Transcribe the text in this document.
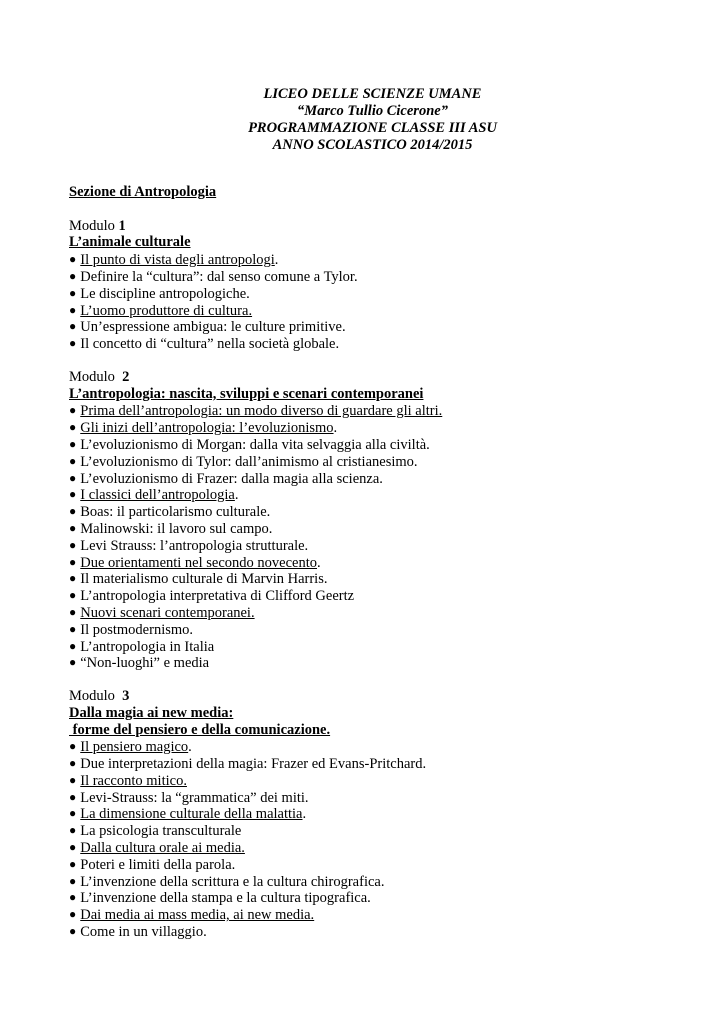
LICEO DELLE SCIENZE UMANE
“Marco Tullio Cicerone”
PROGRAMMAZIONE CLASSE III ASU
ANNO SCOLASTICO 2014/2015
Sezione di Antropologia
Modulo 1
L’animale culturale
● Il punto di vista degli antropologi.
● Definire la “cultura”: dal senso comune a Tylor.
● Le discipline antropologiche.
● L’uomo produttore di cultura.
● Un’espressione ambigua: le culture primitive.
● Il concetto di “cultura” nella società globale.
Modulo  2
L’antropologia: nascita, sviluppi e scenari contemporanei
● Prima dell’antropologia: un modo diverso di guardare gli altri.
● Gli inizi dell’antropologia: l’evoluzionismo.
● L’evoluzionismo di Morgan: dalla vita selvaggia alla civiltà.
● L’evoluzionismo di Tylor: dall’animismo al cristianesimo.
● L’evoluzionismo di Frazer: dalla magia alla scienza.
● I classici dell’antropologia.
● Boas: il particolarismo culturale.
● Malinowski: il lavoro sul campo.
● Levi Strauss: l’antropologia strutturale.
● Due orientamenti nel secondo novecento.
● Il materialismo culturale di Marvin Harris.
● L’antropologia interpretativa di Clifford Geertz
● Nuovi scenari contemporanei.
● Il postmodernismo.
● L’antropologia in Italia
● “Non-luoghi” e media
Modulo  3
Dalla magia ai new media:
forme del pensiero e della comunicazione.
● Il pensiero magico.
● Due interpretazioni della magia: Frazer ed Evans-Pritchard.
● Il racconto mitico.
● Levi-Strauss: la “grammatica” dei miti.
● La dimensione culturale della malattia.
● La psicologia transculturale
● Dalla cultura orale ai media.
● Poteri e limiti della parola.
● L’invenzione della scrittura e la cultura chirografica.
● L’invenzione della stampa e la cultura tipografica.
● Dai media ai mass media, ai new media.
● Come in un villaggio.
